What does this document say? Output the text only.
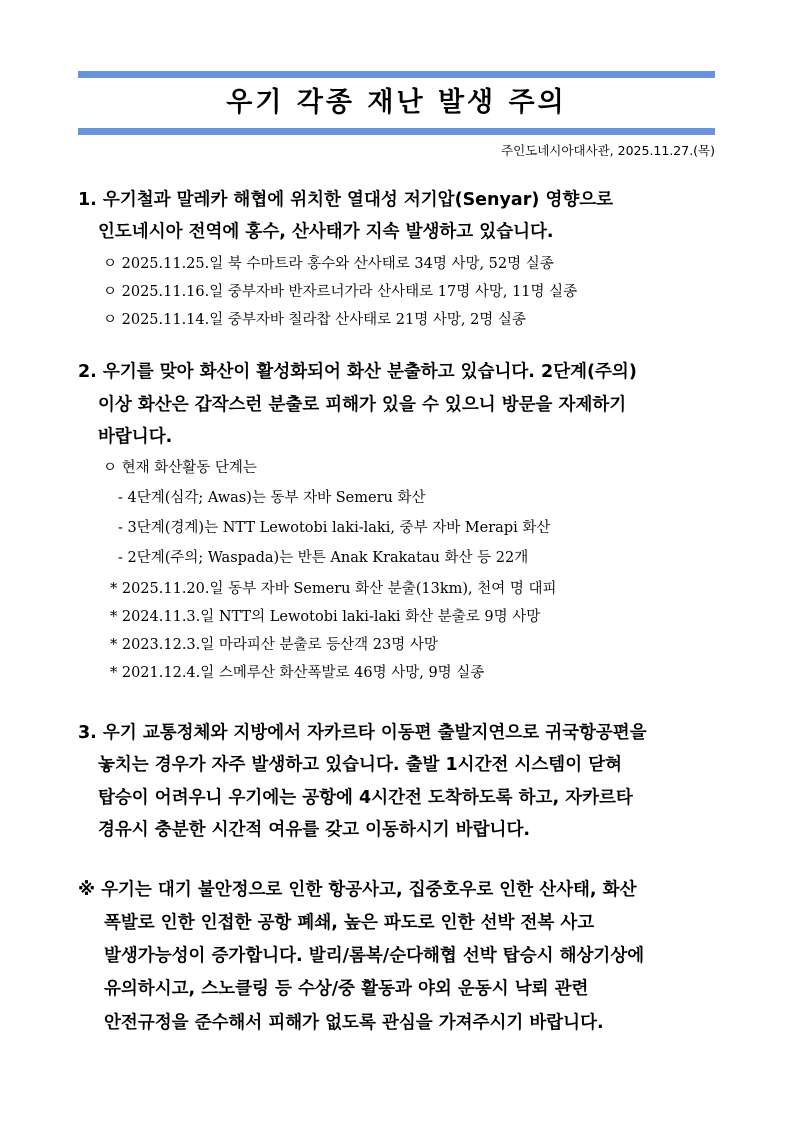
우기 각종 재난 발생 주의
주인도네시아대사관, 2025.11.27.(목)
1. 우기철과 말레카 해협에 위치한 열대성 저기압(Senyar) 영향으로
인도네시아 전역에 홍수, 산사태가 지속 발생하고 있습니다.
ㅇ 2025.11.25.일 북 수마트라 홍수와 산사태로 34명 사망, 52명 실종
ㅇ 2025.11.16.일 중부자바 반자르너가라 산사태로 17명 사망, 11명 실종
ㅇ 2025.11.14.일 중부자바 칠라찹 산사태로 21명 사망, 2명 실종
2. 우기를 맞아 화산이 활성화되어 화산 분출하고 있습니다. 2단계(주의)
이상 화산은 갑작스런 분출로 피해가 있을 수 있으니 방문을 자제하기
바랍니다.
ㅇ 현재 화산활동 단계는
- 4단계(심각; Awas)는 동부 자바 Semeru 화산
- 3단계(경계)는 NTT Lewotobi laki-laki, 중부 자바 Merapi 화산
- 2단계(주의; Waspada)는 반튼 Anak Krakatau 화산 등 22개
* 2025.11.20.일 동부 자바 Semeru 화산 분출(13km), 천여 명 대피
* 2024.11.3.일 NTT의 Lewotobi laki-laki 화산 분출로 9명 사망
* 2023.12.3.일 마라피산 분출로 등산객 23명 사망
* 2021.12.4.일 스메루산 화산폭발로 46명 사망, 9명 실종
3. 우기 교통정체와 지방에서 자카르타 이동편 출발지연으로 귀국항공편을
놓치는 경우가 자주 발생하고 있습니다. 출발 1시간전 시스템이 닫혀
탑승이 어려우니 우기에는 공항에 4시간전 도착하도록 하고, 자카르타
경유시 충분한 시간적 여유를 갖고 이동하시기 바랍니다.
※ 우기는 대기 불안정으로 인한 항공사고, 집중호우로 인한 산사태, 화산
폭발로 인한 인접한 공항 폐쇄, 높은 파도로 인한 선박 전복 사고
발생가능성이 증가합니다. 발리/롬복/순다해협 선박 탑승시 해상기상에
유의하시고, 스노클링 등 수상/중 활동과 야외 운동시 낙뢰 관련
안전규정을 준수해서 피해가 없도록 관심을 가져주시기 바랍니다.
